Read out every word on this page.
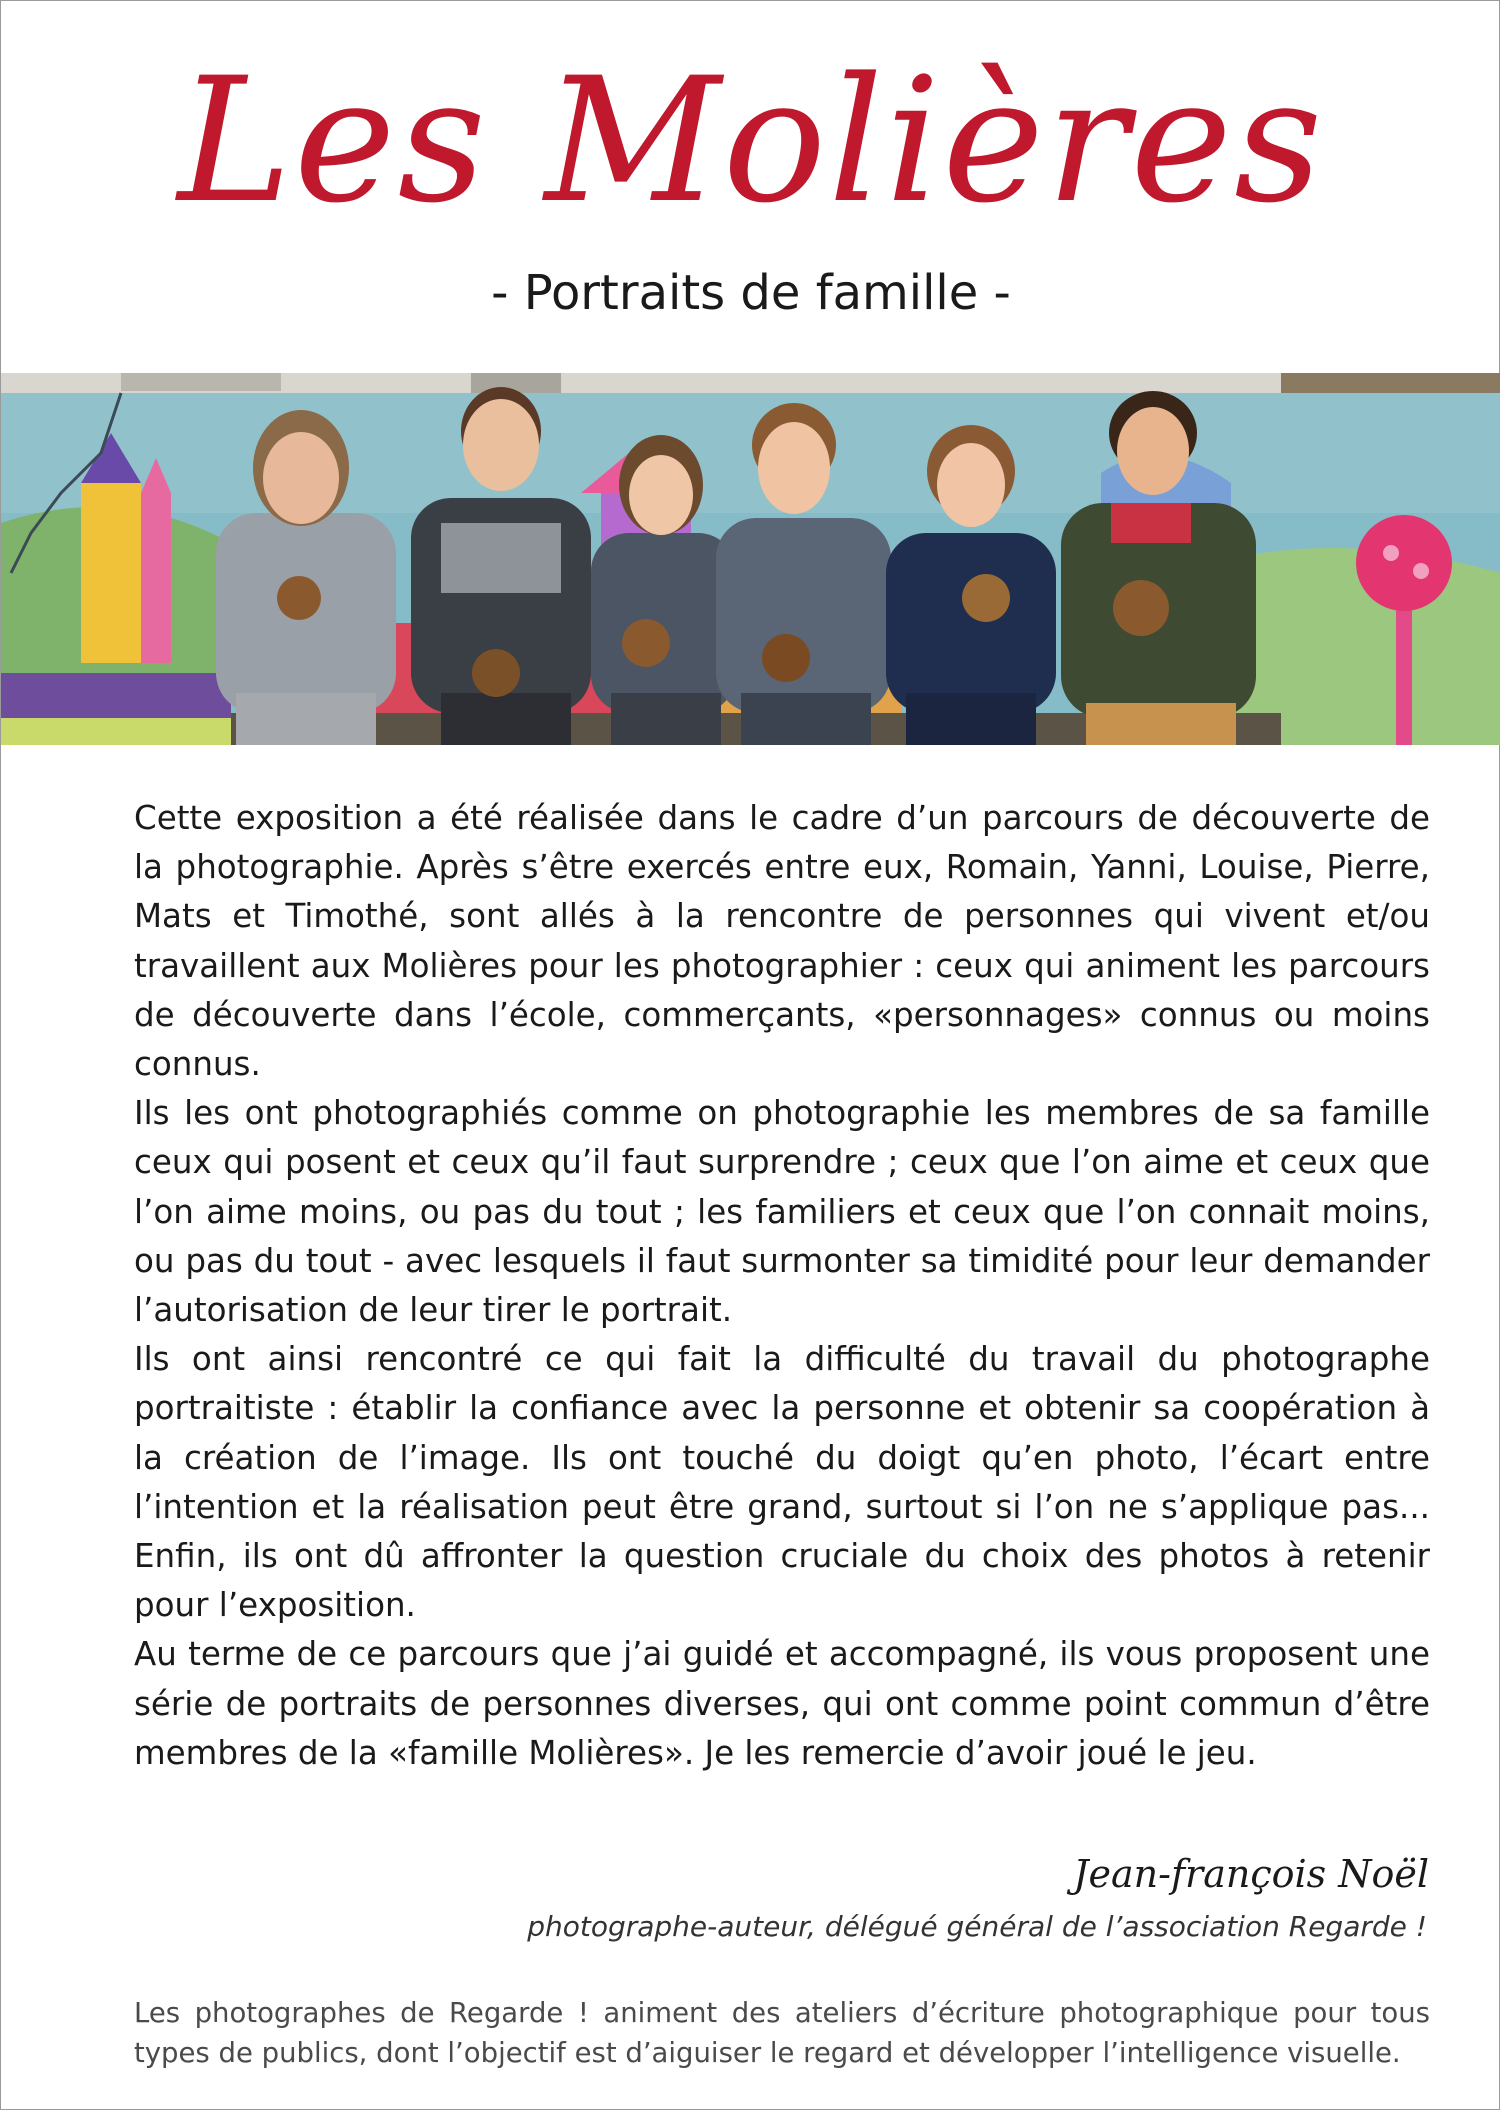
Les Molières
- Portraits de famille -

Cette exposition a été réalisée dans le cadre d’un parcours de découverte de la photographie. Après s’être exercés entre eux, Romain, Yanni, Louise, Pierre, Mats et Timothé, sont allés à la rencontre de personnes qui vivent et/ou travaillent aux Molières pour les photographier : ceux qui animent les parcours de découverte dans l’école, commerçants, «personnages» connus ou moins connus.

Ils les ont photographiés comme on photographie les membres de sa famille ceux qui posent et ceux qu’il faut surprendre ; ceux que l’on aime et ceux que l’on aime moins, ou pas du tout ; les familiers et ceux que l’on connait moins, ou pas du tout - avec lesquels il faut surmonter sa timidité pour leur demander l’autorisation de leur tirer le portrait.

Ils ont ainsi rencontré ce qui fait la difficulté du travail du photographe portraitiste : établir la confiance avec la personne et obtenir sa coopération à la création de l’image. Ils ont touché du doigt qu’en photo, l’écart entre l’intention et la réalisation peut être grand, surtout si l’on ne s’applique pas... Enfin, ils ont dû affronter la question cruciale du choix des photos à retenir pour l’exposition.

Au terme de ce parcours que j’ai guidé et accompagné, ils vous proposent une série de portraits de personnes diverses, qui ont comme point commun d’être membres de la «famille Molières». Je les remercie d’avoir joué le jeu.

Jean-françois Noël
photographe-auteur, délégué général de l’association Regarde !

Les photographes de Regarde ! animent des ateliers d’écriture photographique pour tous types de publics, dont l’objectif est d’aiguiser le regard et développer l’intelligence visuelle.
